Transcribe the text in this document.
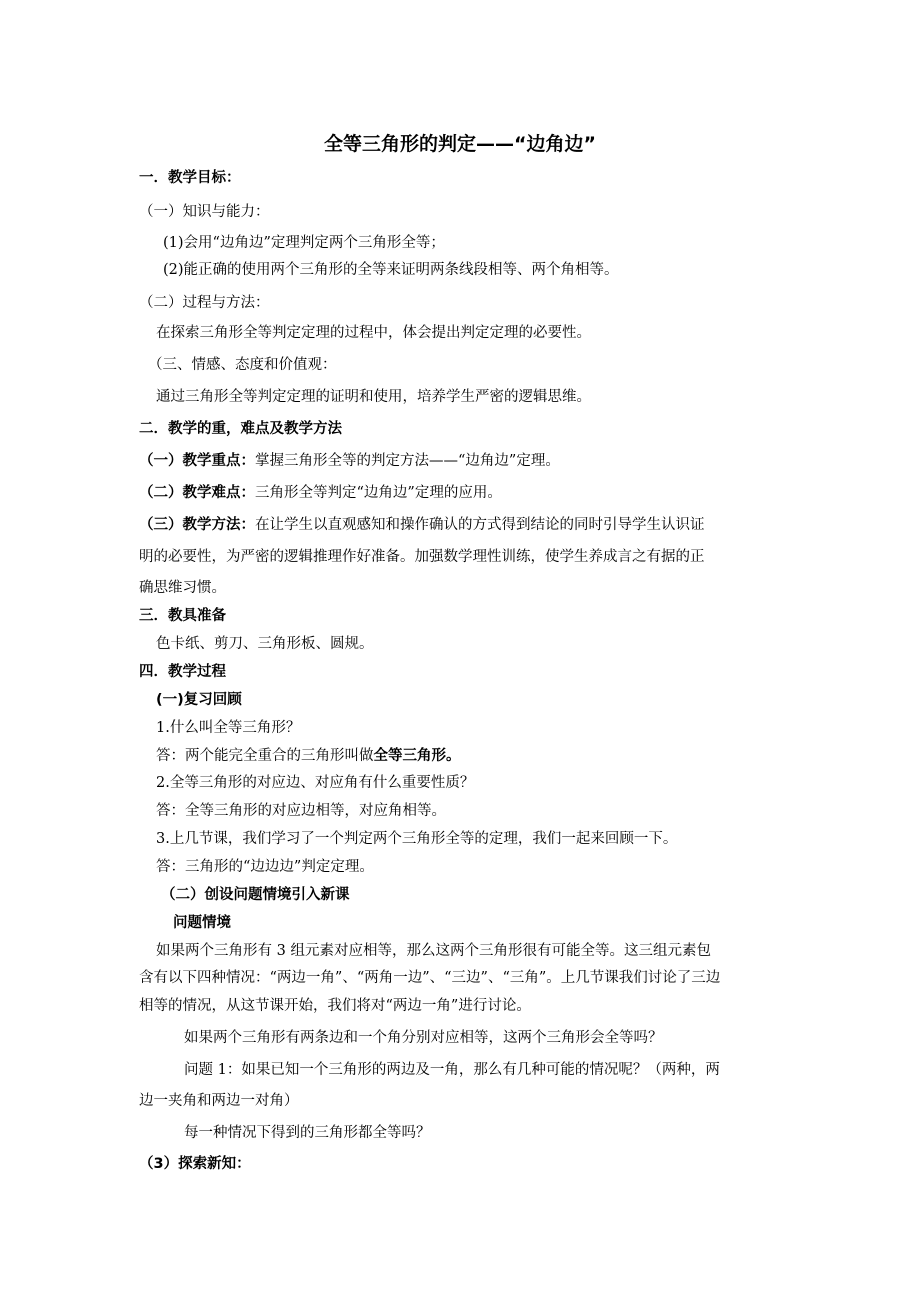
全等三角形的判定——“边角边”
一．教学目标：
（一）知识与能力：
(1)会用“边角边”定理判定两个三角形全等；
(2)能正确的使用两个三角形的全等来证明两条线段相等、两个角相等。
（二）过程与方法：
在探索三角形全等判定定理的过程中，体会提出判定定理的必要性。
（三、情感、态度和价值观：
通过三角形全等判定定理的证明和使用，培养学生严密的逻辑思维。
二．教学的重，难点及教学方法
（一）教学重点：掌握三角形全等的判定方法——“边角边”定理。
（二）教学难点：三角形全等判定“边角边”定理的应用。
（三）教学方法：在让学生以直观感知和操作确认的方式得到结论的同时引导学生认识证
明的必要性，为严密的逻辑推理作好准备。加强数学理性训练，使学生养成言之有据的正
确思维习惯。
三．教具准备
色卡纸、剪刀、三角形板、圆规。
四．教学过程
(一)复习回顾
1.什么叫全等三角形？
答：两个能完全重合的三角形叫做全等三角形。
2.全等三角形的对应边、对应角有什么重要性质？
答：全等三角形的对应边相等，对应角相等。
3.上几节课，我们学习了一个判定两个三角形全等的定理，我们一起来回顾一下。
答：三角形的“边边边”判定定理。
（二）创设问题情境引入新课
问题情境
如果两个三角形有 3 组元素对应相等，那么这两个三角形很有可能全等。这三组元素包
含有以下四种情况：“两边一角”、“两角一边”、“三边”、“三角”。上几节课我们讨论了三边
相等的情况，从这节课开始，我们将对“两边一角”进行讨论。
如果两个三角形有两条边和一个角分别对应相等，这两个三角形会全等吗？
问题 1：如果已知一个三角形的两边及一角，那么有几种可能的情况呢？（两种，两
边一夹角和两边一对角）
每一种情况下得到的三角形都全等吗？
（3）探索新知：
